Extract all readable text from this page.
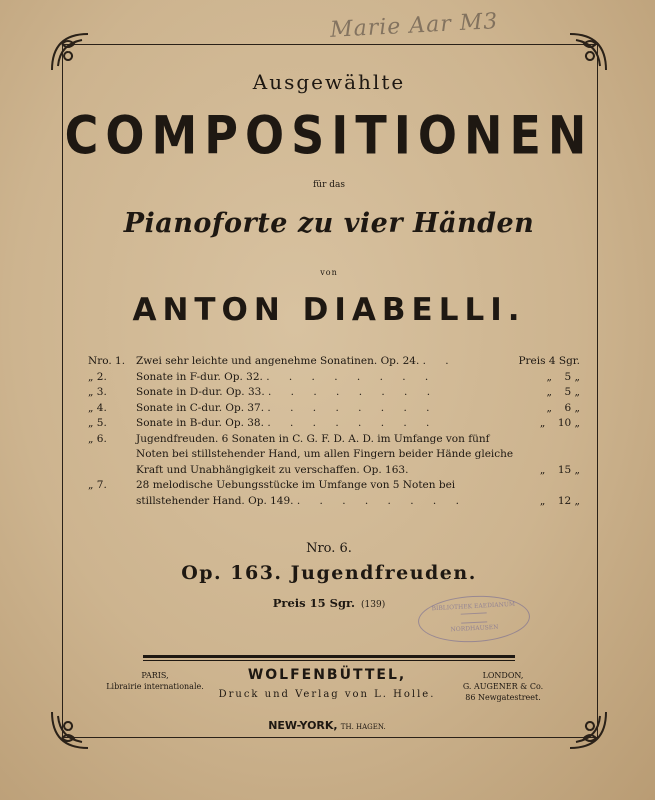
Marie Aar M3
Ausgewählte
COMPOSITIONEN
für das
Pianoforte zu vier Händen
von
ANTON DIABELLI.
Nro. 1.	Zwei sehr leichte und angenehme Sonatinen. Op. 24. . .	Preis 4 Sgr.
„ 2.	Sonate in F-dur. Op. 32. . . . . . . . .	„ 5 „
„ 3.	Sonate in D-dur. Op. 33. . . . . . . . .	„ 5 „
„ 4.	Sonate in C-dur. Op. 37. . . . . . . . .	„ 6 „
„ 5.	Sonate in B-dur. Op. 38. . . . . . . . .	„ 10 „
„ 6.	Jugendfreuden. 6 Sonaten in C. G. F. D. A. D. im Umfange von fünf Noten bei stillstehender Hand, um allen Fingern beider Hände gleiche Kraft und Unabhängigkeit zu verschaffen. Op. 163.	„ 15 „
„ 7.	28 melodische Uebungsstücke im Umfange von 5 Noten bei stillstehender Hand. Op. 149. . . . . . . . .	„ 12 „
Nro. 6.
Op. 163. Jugendfreuden.
Preis 15 Sgr. (139)	BIBLIOTHEK EAEDIANUM
NORDHAUSEN
PARIS,
Librairie internationale.
WOLFENBÜTTEL,
Druck und Verlag von L. Holle.
LONDON,
G. AUGENER & Co.
86 Newgatestreet.
NEW-YORK, TH. HAGEN.
